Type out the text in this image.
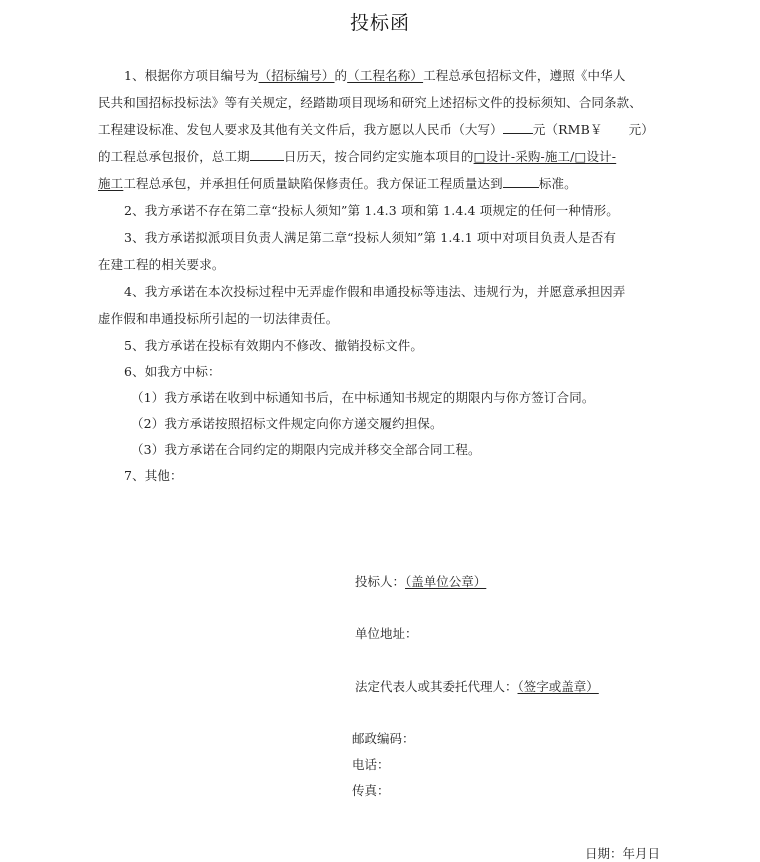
投标函
1、根据你方项目编号为（招标编号）的（工程名称）工程总承包招标文件，遵照《中华人
民共和国招标投标法》等有关规定，经踏勘项目现场和研究上述招标文件的投标须知、合同条款、
工程建设标准、发包人要求及其他有关文件后，我方愿以人民币（大写） 元（RMB￥ 元）
的工程总承包报价，总工期	日历天，按合同约定实施本项目的□设计-采购-施工/□设计-
施工工程总承包，并承担任何质量缺陷保修责任。我方保证工程质量达到	标准。
2、我方承诺不存在第二章“投标人须知”第 1.4.3 项和第 1.4.4 项规定的任何一种情形。
3、我方承诺拟派项目负责人满足第二章“投标人须知”第 1.4.1 项中对项目负责人是否有
在建工程的相关要求。
4、我方承诺在本次投标过程中无弄虚作假和串通投标等违法、违规行为，并愿意承担因弄
虚作假和串通投标所引起的一切法律责任。
5、我方承诺在投标有效期内不修改、撤销投标文件。
6、如我方中标：
（1）我方承诺在收到中标通知书后，在中标通知书规定的期限内与你方签订合同。
（2）我方承诺按照招标文件规定向你方递交履约担保。
（3）我方承诺在合同约定的期限内完成并移交全部合同工程。
7、其他：
投标人：（盖单位公章）
单位地址：
法定代表人或其委托代理人：（签字或盖章）
邮政编码：
电话：
传真：
日期：年月日
